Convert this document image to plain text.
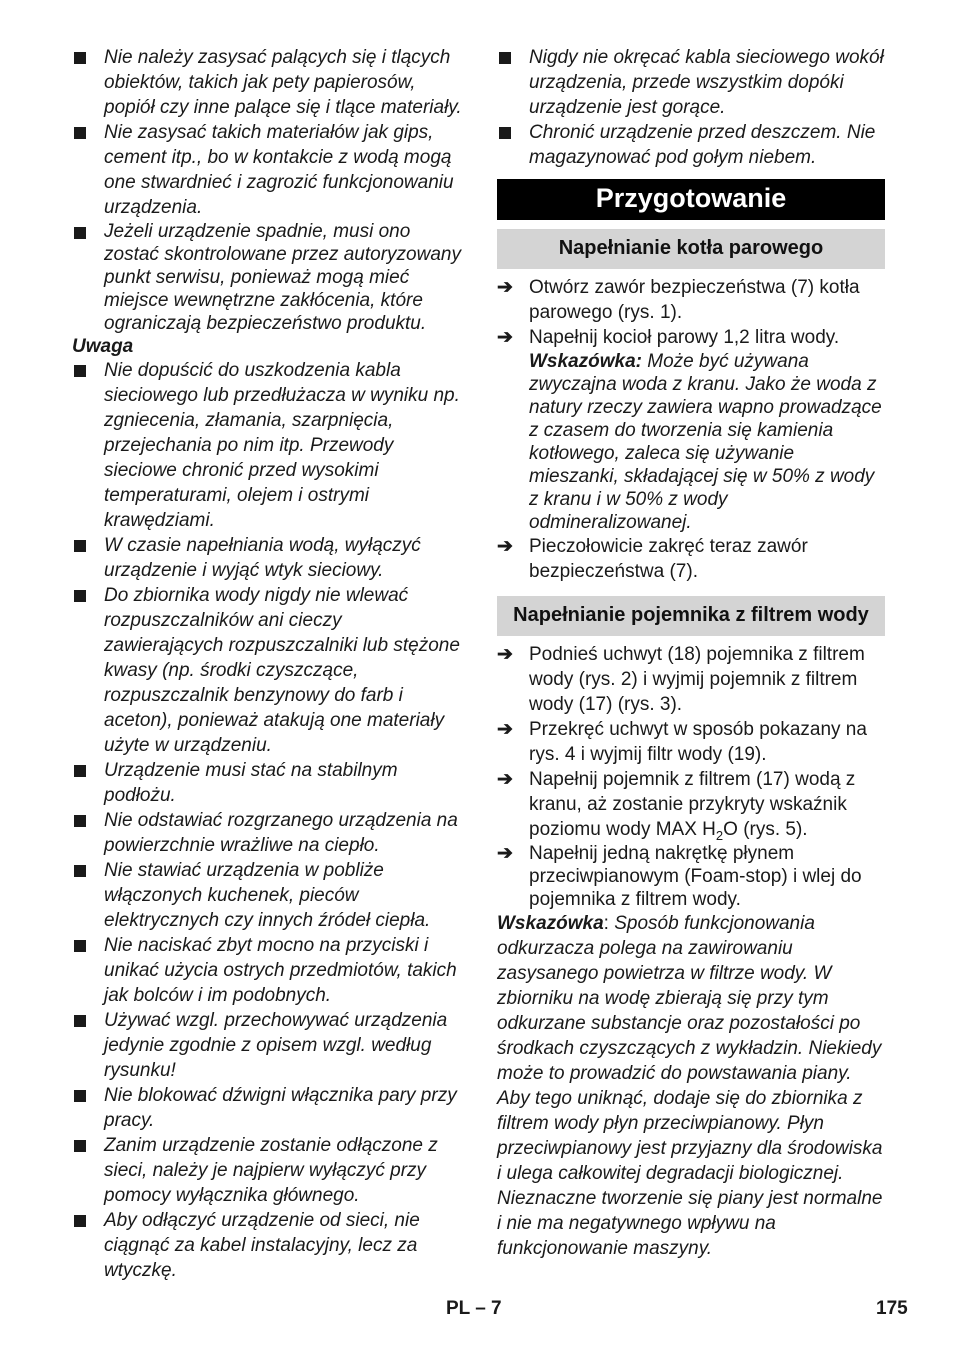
Nie należy zasysać palących się i tlących obiektów, takich jak pety papierosów, popiół czy inne palące się i tlące materiały.
Nie zasysać takich materiałów jak gips, cement itp., bo w kontakcie z wodą mogą one stwardnieć i zagrozić funkcjonowaniu urządzenia.
Jeżeli urządzenie spadnie, musi ono zostać skontrolowane przez autoryzowany punkt serwisu, ponieważ mogą mieć miejsce wewnętrzne zakłócenia, które ograniczają bezpieczeństwo produktu.
Uwaga
Nie dopuścić do uszkodzenia kabla sieciowego lub przedłużacza w wyniku np. zgniecenia, złamania, szarpnięcia, przejechania po nim itp. Przewody sieciowe chronić przed wysokimi temperaturami, olejem i ostrymi krawędziami.
W czasie napełniania wodą, wyłączyć urządzenie i wyjąć wtyk sieciowy.
Do zbiornika wody nigdy nie wlewać rozpuszczalników ani cieczy zawierających rozpuszczalniki lub stężone kwasy (np. środki czyszczące, rozpuszczalnik benzynowy do farb i aceton), ponieważ atakują one materiały użyte w urządzeniu.
Urządzenie musi stać na stabilnym podłożu.
Nie odstawiać rozgrzanego urządzenia na powierzchnie wrażliwe na ciepło.
Nie stawiać urządzenia w pobliże włączonych kuchenek, pieców elektrycznych czy innych źródeł ciepła.
Nie naciskać zbyt mocno na przyciski i unikać użycia ostrych przedmiotów, takich jak bolców i im podobnych.
Używać wzgl. przechowywać urządzenia jedynie zgodnie z opisem wzgl. według rysunku!
Nie blokować dźwigni włącznika pary przy pracy.
Zanim urządzenie zostanie odłączone z sieci, należy je najpierw wyłączyć przy pomocy wyłącznika głównego.
Aby odłączyć urządzenie od sieci, nie ciągnąć za kabel instalacyjny, lecz za wtyczkę.
Nigdy nie okręcać kabla sieciowego wokół urządzenia, przede wszystkim dopóki urządzenie jest gorące.
Chronić urządzenie przed deszczem. Nie magazynować pod gołym niebem.
Przygotowanie
Napełnianie kotła parowego
➔ Otwórz zawór bezpieczeństwa (7) kotła parowego (rys. 1).
➔ Napełnij kocioł parowy 1,2 litra wody.
Wskazówka: Może być używana zwyczajna woda z kranu. Jako że woda z natury rzeczy zawiera wapno prowadzące z czasem do tworzenia się kamienia kotłowego, zaleca się używanie mieszanki, składającej się w 50% z wody z kranu i w 50% z wody odmineralizowanej.
➔ Pieczołowicie zakręć teraz zawór bezpieczeństwa (7).
Napełnianie pojemnika z filtrem wody
➔ Podnieś uchwyt (18) pojemnika z filtrem wody (rys. 2) i wyjmij pojemnik z filtrem wody (17) (rys. 3).
➔ Przekręć uchwyt w sposób pokazany na rys. 4 i wyjmij filtr wody (19).
➔ Napełnij pojemnik z filtrem (17) wodą z kranu, aż zostanie przykryty wskaźnik poziomu wody MAX $H_2O$ (rys. 5).
➔ Napełnij jedną nakrętkę płynem przeciwpianowym (Foam-stop) i wlej do pojemnika z filtrem wody.
Wskazówka: Sposób funkcjonowania odkurzacza polega na zawirowaniu zasysanego powietrza w filtrze wody. W zbiorniku na wodę zbierają się przy tym odkurzane substancje oraz pozostałości po środkach czyszczących z wykładzin. Niekiedy może to prowadzić do powstawania piany. Aby tego uniknąć, dodaje się do zbiornika z filtrem wody płyn przeciwpianowy. Płyn przeciwpianowy jest przyjazny dla środowiska i ulega całkowitej degradacji biologicznej. Nieznaczne tworzenie się piany jest normalne i nie ma negatywnego wpływu na funkcjonowanie maszyny.
PL – 7	175
